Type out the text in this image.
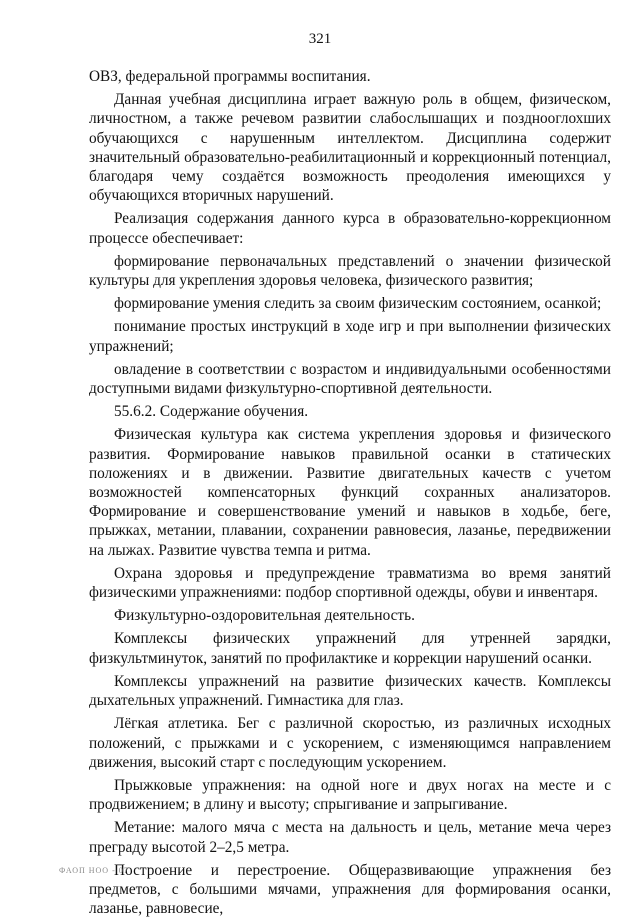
321

ОВЗ, федеральной программы воспитания.

Данная учебная дисциплина играет важную роль в общем, физическом, личностном, а также речевом развитии слабослышащих и позднооглохших обучающихся с нарушенным интеллектом. Дисциплина содержит значительный образовательно-реабилитационный и коррекционный потенциал, благодаря чему создаётся возможность преодоления имеющихся у обучающихся вторичных нарушений.

Реализация содержания данного курса в образовательно-коррекционном процессе обеспечивает:

формирование первоначальных представлений о значении физической культуры для укрепления здоровья человека, физического развития;

формирование умения следить за своим физическим состоянием, осанкой;

понимание простых инструкций в ходе игр и при выполнении физических упражнений;

овладение в соответствии с возрастом и индивидуальными особенностями доступными видами физкультурно-спортивной деятельности.

55.6.2. Содержание обучения.

Физическая культура как система укрепления здоровья и физического развития. Формирование навыков правильной осанки в статических положениях и в движении. Развитие двигательных качеств с учетом возможностей компенсаторных функций сохранных анализаторов. Формирование и совершенствование умений и навыков в ходьбе, беге, прыжках, метании, плавании, сохранении равновесия, лазанье, передвижении на лыжах. Развитие чувства темпа и ритма.

Охрана здоровья и предупреждение травматизма во время занятий физическими упражнениями: подбор спортивной одежды, обуви и инвентаря.

Физкультурно-оздоровительная деятельность.

Комплексы физических упражнений для утренней зарядки, физкультминуток, занятий по профилактике и коррекции нарушений осанки.

Комплексы упражнений на развитие физических качеств. Комплексы дыхательных упражнений. Гимнастика для глаз.

Лёгкая атлетика. Бег с различной скоростью, из различных исходных положений, с прыжками и с ускорением, с изменяющимся направлением движения, высокий старт с последующим ускорением.

Прыжковые упражнения: на одной ноге и двух ногах на месте и с продвижением; в длину и высоту; спрыгивание и запрыгивание.

Метание: малого мяча с места на дальность и цель, метание меча через преграду высотой 2–2,5 метра.

Построение и перестроение. Общеразвивающие упражнения без предметов, с большими мячами, упражнения для формирования осанки, лазанье, равновесие,

ФАОП НОО - 07
